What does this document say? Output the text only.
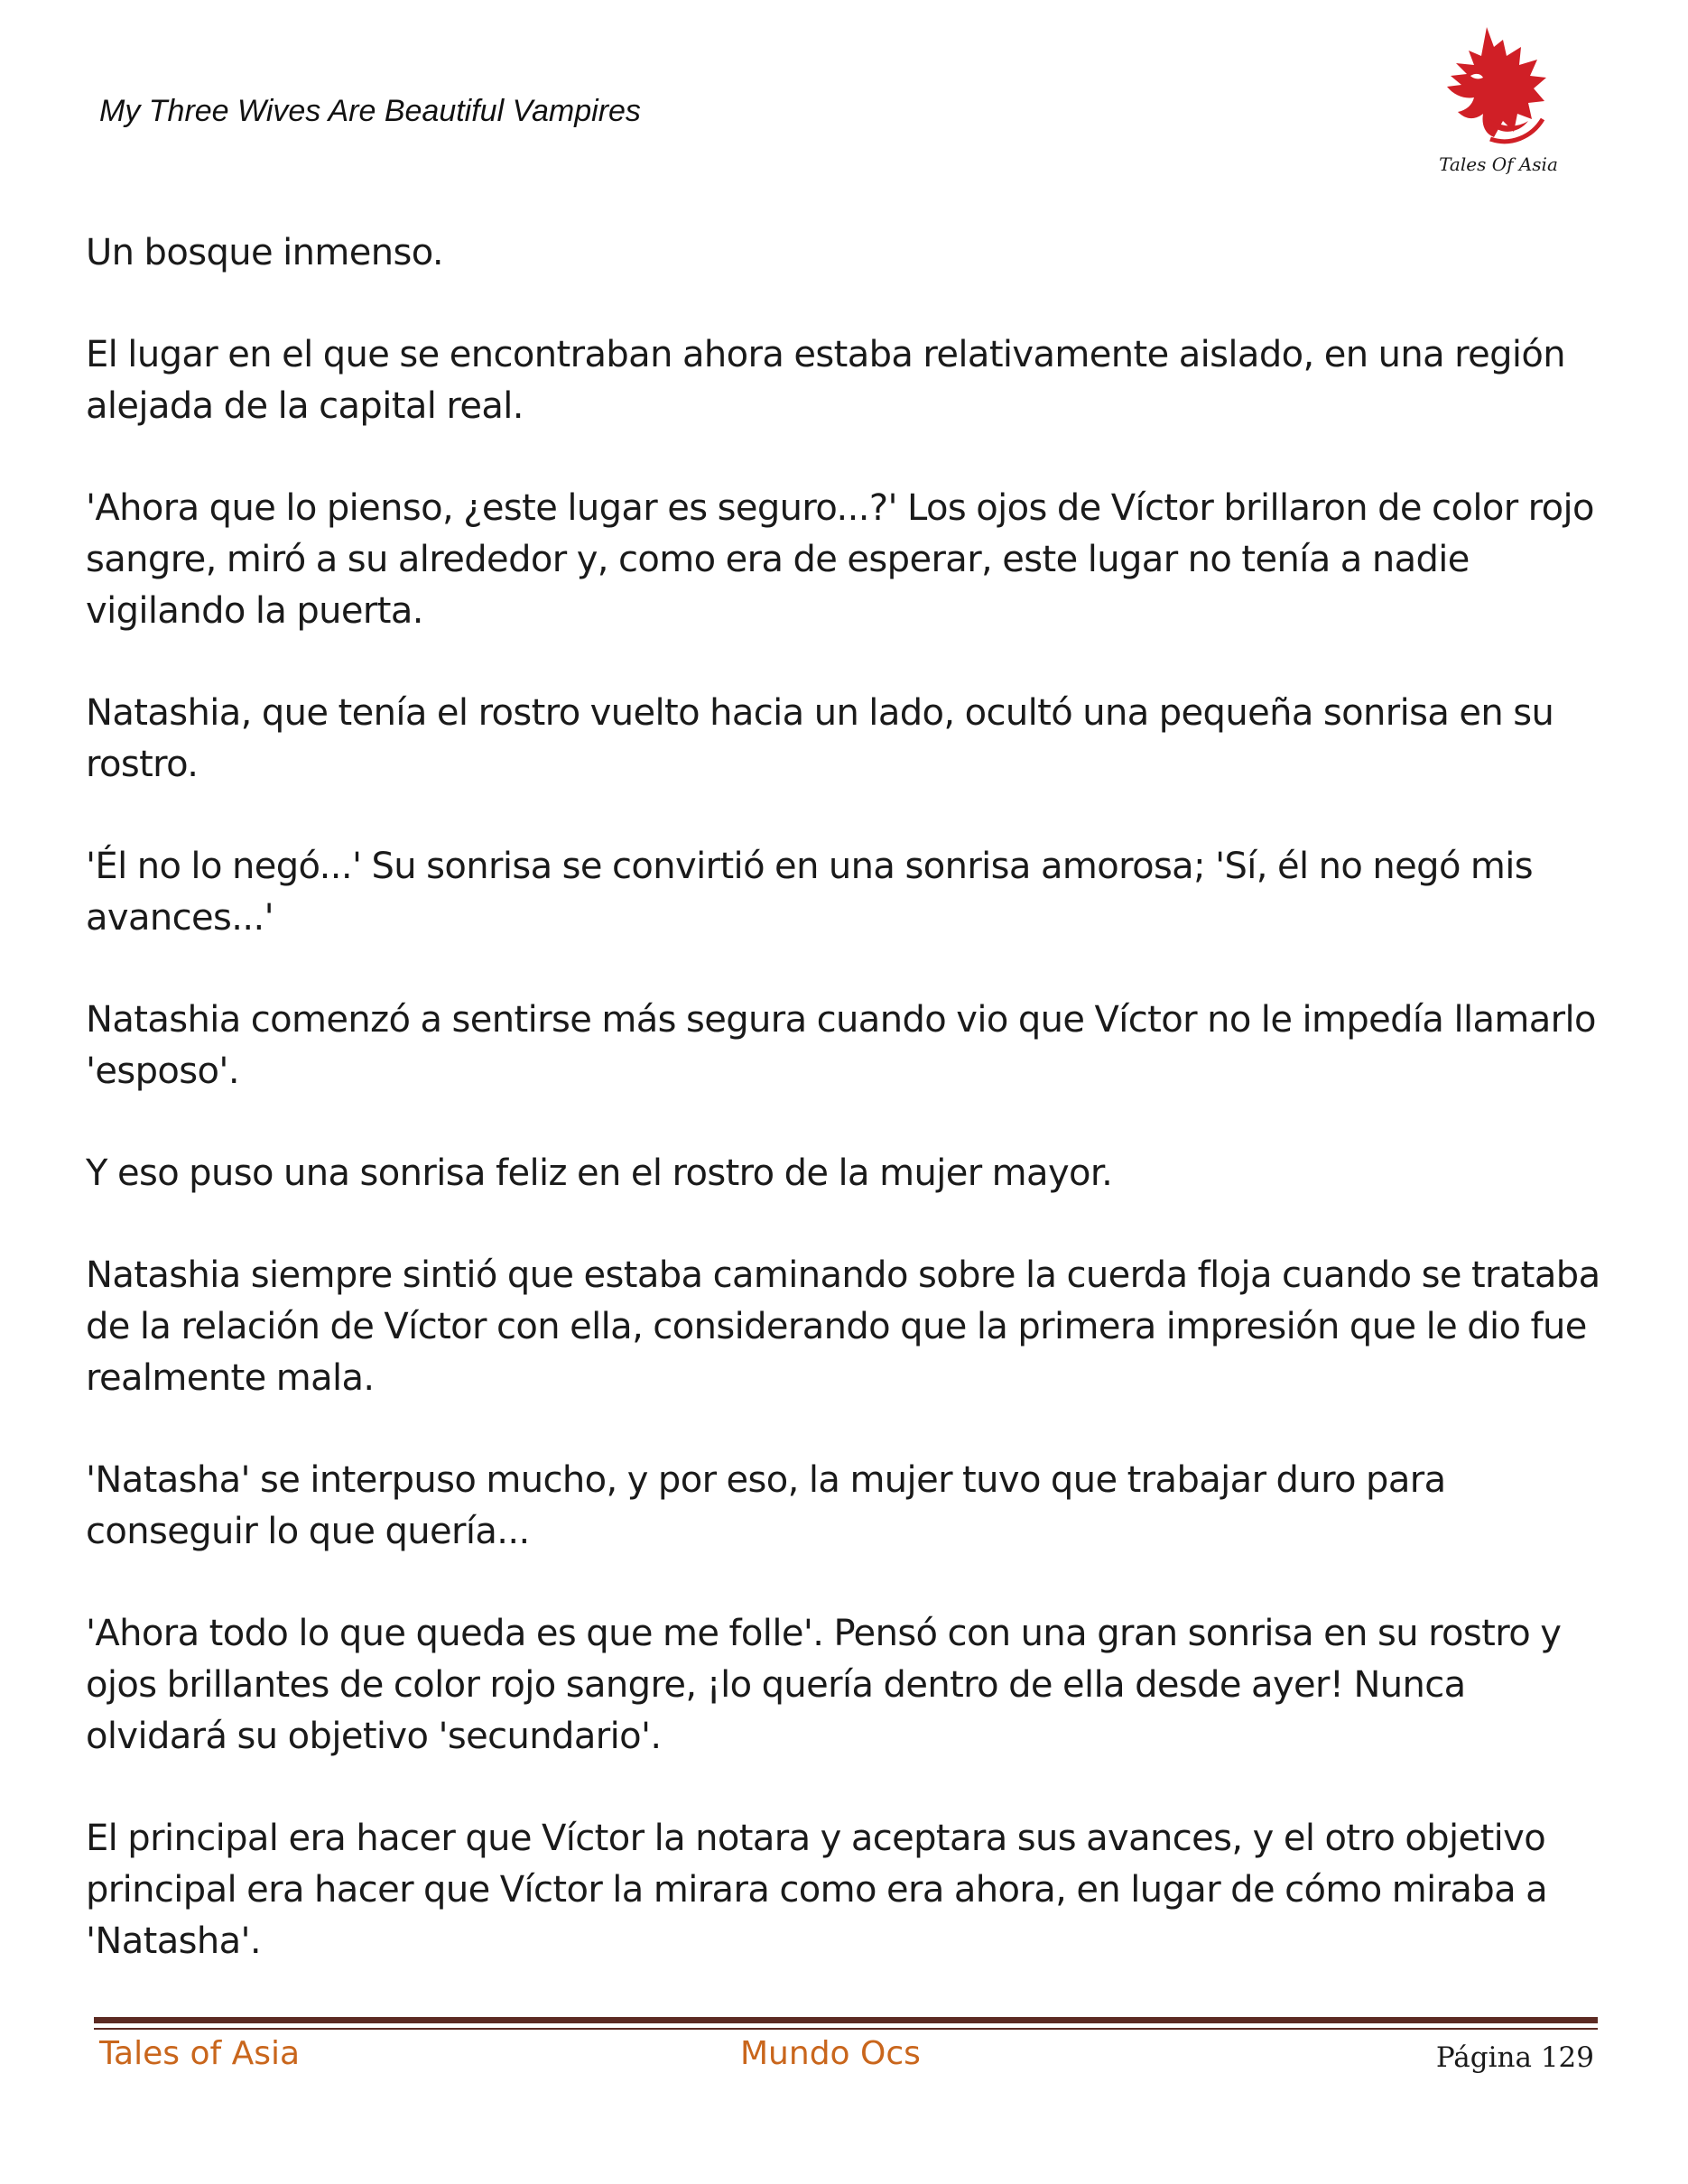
My Three Wives Are Beautiful Vampires
Tales Of Asia

Un bosque inmenso.

El lugar en el que se encontraban ahora estaba relativamente aislado, en una región alejada de la capital real.

'Ahora que lo pienso, ¿este lugar es seguro...?' Los ojos de Víctor brillaron de color rojo sangre, miró a su alrededor y, como era de esperar, este lugar no tenía a nadie vigilando la puerta.

Natashia, que tenía el rostro vuelto hacia un lado, ocultó una pequeña sonrisa en su rostro.

'Él no lo negó...' Su sonrisa se convirtió en una sonrisa amorosa; 'Sí, él no negó mis avances...'

Natashia comenzó a sentirse más segura cuando vio que Víctor no le impedía llamarlo 'esposo'.

Y eso puso una sonrisa feliz en el rostro de la mujer mayor.

Natashia siempre sintió que estaba caminando sobre la cuerda floja cuando se trataba de la relación de Víctor con ella, considerando que la primera impresión que le dio fue realmente mala.

'Natasha' se interpuso mucho, y por eso, la mujer tuvo que trabajar duro para conseguir lo que quería...

'Ahora todo lo que queda es que me folle'. Pensó con una gran sonrisa en su rostro y ojos brillantes de color rojo sangre, ¡lo quería dentro de ella desde ayer! Nunca olvidará su objetivo 'secundario'.

El principal era hacer que Víctor la notara y aceptara sus avances, y el otro objetivo principal era hacer que Víctor la mirara como era ahora, en lugar de cómo miraba a 'Natasha'.

Tales of Asia	Mundo Ocs	Página 129
